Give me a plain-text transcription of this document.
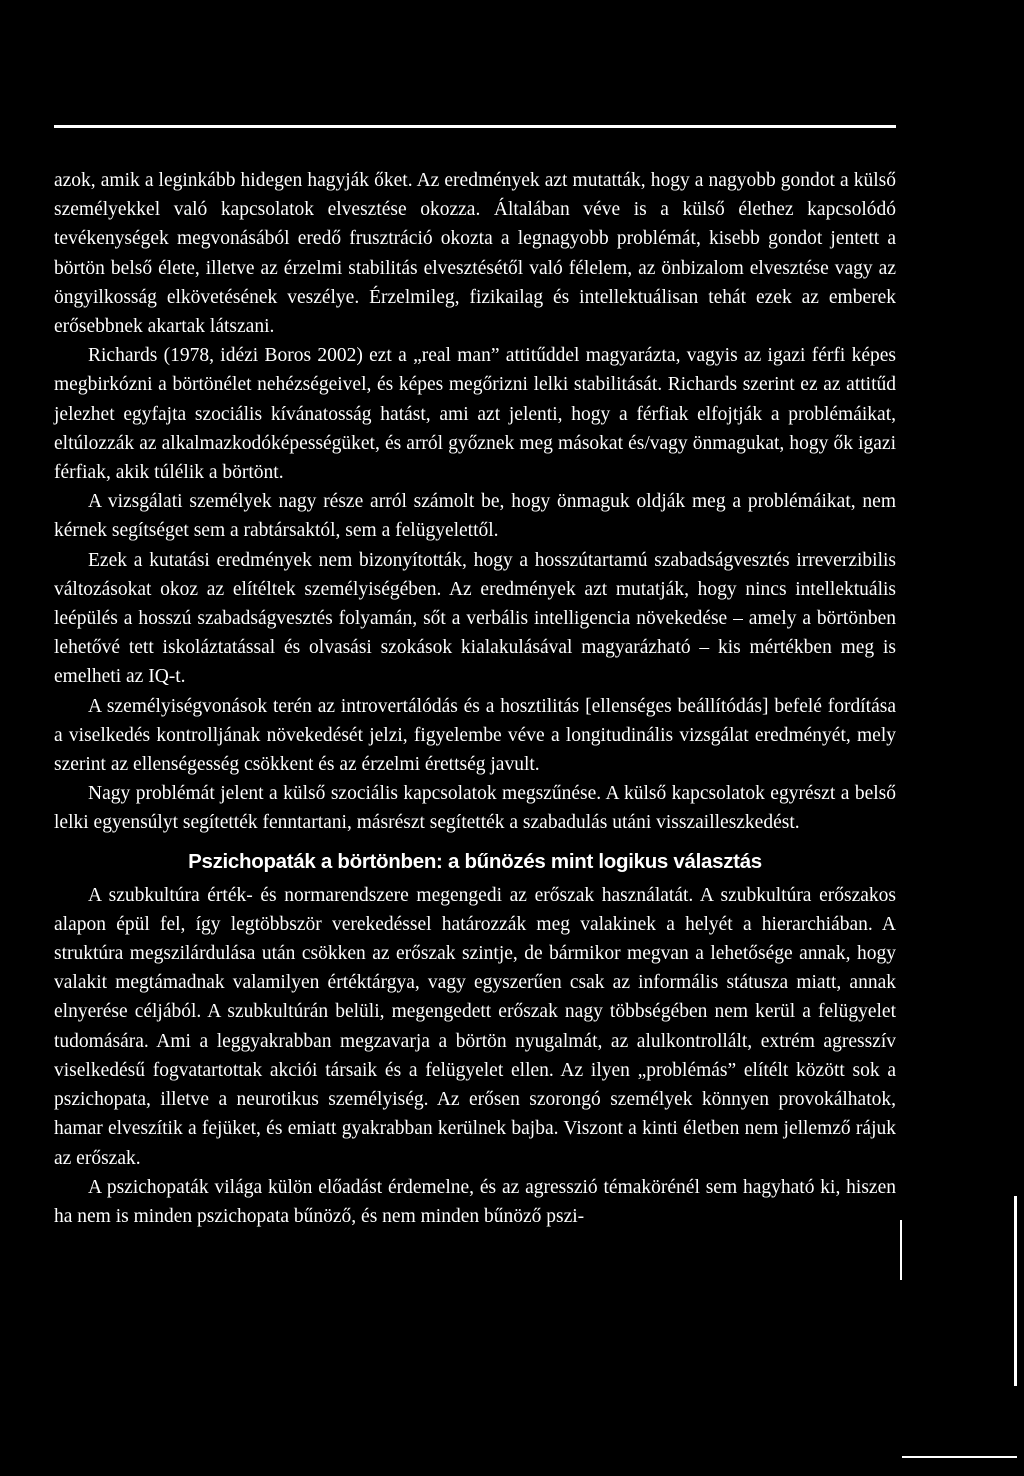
azok, amik a leginkább hidegen hagyják őket. Az eredmények azt mutatták, hogy a nagyobb gondot a külső személyekkel való kapcsolatok elvesztése okozza. Általában véve is a külső élethez kapcsolódó tevékenységek megvonásából eredő frusztráció okozta a legnagyobb problémát, kisebb gondot jentett a börtön belső élete, illetve az érzelmi stabilitás elvesztésétől való félelem, az önbizalom elvesztése vagy az öngyilkosság elkövetésének veszélye. Érzelmileg, fizikailag és intellektuálisan tehát ezek az emberek erősebbnek akartak látszani.

Richards (1978, idézi Boros 2002) ezt a „real man” attitűddel magyarázta, vagyis az igazi férfi képes megbirkózni a börtönélet nehézségeivel, és képes megőrizni lelki stabilitását. Richards szerint ez az attitűd jelezhet egyfajta szociális kívánatosság hatást, ami azt jelenti, hogy a férfiak elfojtják a problémáikat, eltúlozzák az alkalmazkodóképességüket, és arról győznek meg másokat és/vagy önmagukat, hogy ők igazi férfiak, akik túlélik a börtönt.

A vizsgálati személyek nagy része arról számolt be, hogy önmaguk oldják meg a problémáikat, nem kérnek segítséget sem a rabtársaktól, sem a felügyelettől.

Ezek a kutatási eredmények nem bizonyították, hogy a hosszútartamú szabadságvesztés irreverzibilis változásokat okoz az elítéltek személyiségében. Az eredmények azt mutatják, hogy nincs intellektuális leépülés a hosszú szabadságvesztés folyamán, sőt a verbális intelligencia növekedése – amely a börtönben lehetővé tett iskoláztatással és olvasási szokások kialakulásával magyarázható – kis mértékben meg is emelheti az IQ-t.

A személyiségvonások terén az introvertálódás és a hosztilitás [ellenséges beállítódás] befelé fordítása a viselkedés kontrolljának növekedését jelzi, figyelembe véve a longitudinális vizsgálat eredményét, mely szerint az ellenségesség csökkent és az érzelmi érettség javult.

Nagy problémát jelent a külső szociális kapcsolatok megszűnése. A külső kapcsolatok egyrészt a belső lelki egyensúlyt segítették fenntartani, másrészt segítették a szabadulás utáni visszailleszkedést.

Pszichopaták a börtönben: a bűnözés mint logikus választás

A szubkultúra érték- és normarendszere megengedi az erőszak használatát. A szubkultúra erőszakos alapon épül fel, így legtöbbször verekedéssel határozzák meg valakinek a helyét a hierarchiában. A struktúra megszilárdulása után csökken az erőszak szintje, de bármikor megvan a lehetősége annak, hogy valakit megtámadnak valamilyen értéktárgya, vagy egyszerűen csak az informális státusza miatt, annak elnyerése céljából. A szubkultúrán belüli, megengedett erőszak nagy többségében nem kerül a felügyelet tudomására. Ami a leggyakrabban megzavarja a börtön nyugalmát, az alulkontrollált, extrém agresszív viselkedésű fogvatartottak akciói társaik és a felügyelet ellen. Az ilyen „problémás” elítélt között sok a pszichopata, illetve a neurotikus személyiség. Az erősen szorongó személyek könnyen provokálhatok, hamar elveszítik a fejüket, és emiatt gyakrabban kerülnek bajba. Viszont a kinti életben nem jellemző rájuk az erőszak.

A pszichopaták világa külön előadást érdemelne, és az agresszió témakörénél sem hagyható ki, hiszen ha nem is minden pszichopata bűnöző, és nem minden bűnöző pszi-
